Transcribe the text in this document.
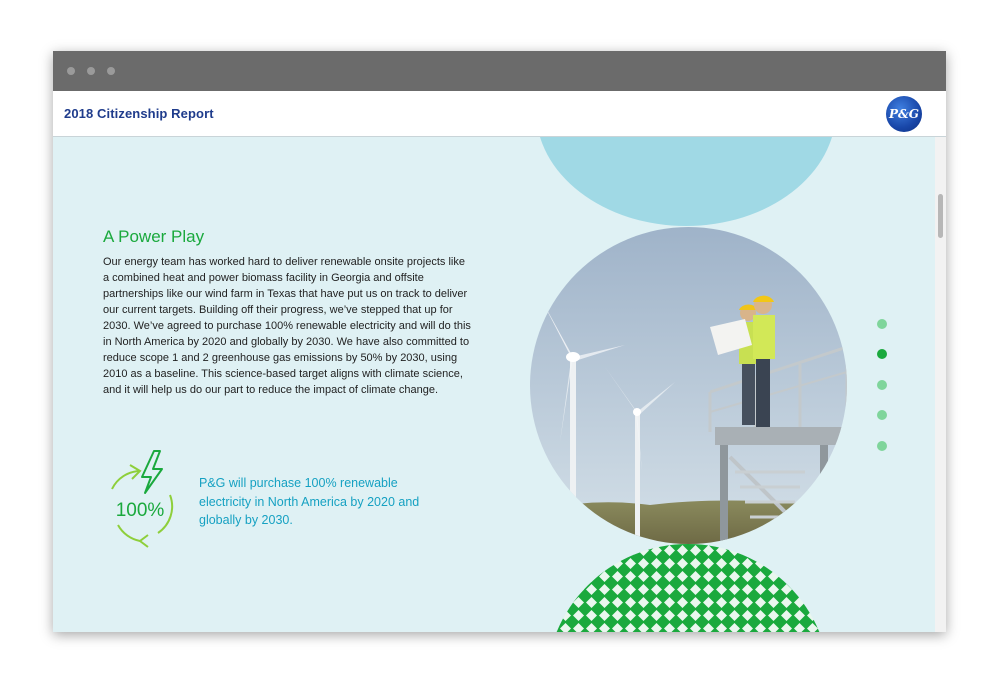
2018 Citizenship Report	P&G
A Power Play

Our energy team has worked hard to deliver renewable onsite projects like a combined heat and power biomass facility in Georgia and offsite partnerships like our wind farm in Texas that have put us on track to deliver our current targets. Building off their progress, we’ve stepped that up for 2030. We’ve agreed to purchase 100% renewable electricity and will do this in North America by 2020 and globally by 2030. We have also committed to reduce scope 1 and 2 greenhouse gas emissions by 50% by 2030, using 2010 as a baseline. This science-based target aligns with climate science, and it will help us do our part to reduce the impact of climate change.

100%

P&G will purchase 100% renewable electricity in North America by 2020 and globally by 2030.
